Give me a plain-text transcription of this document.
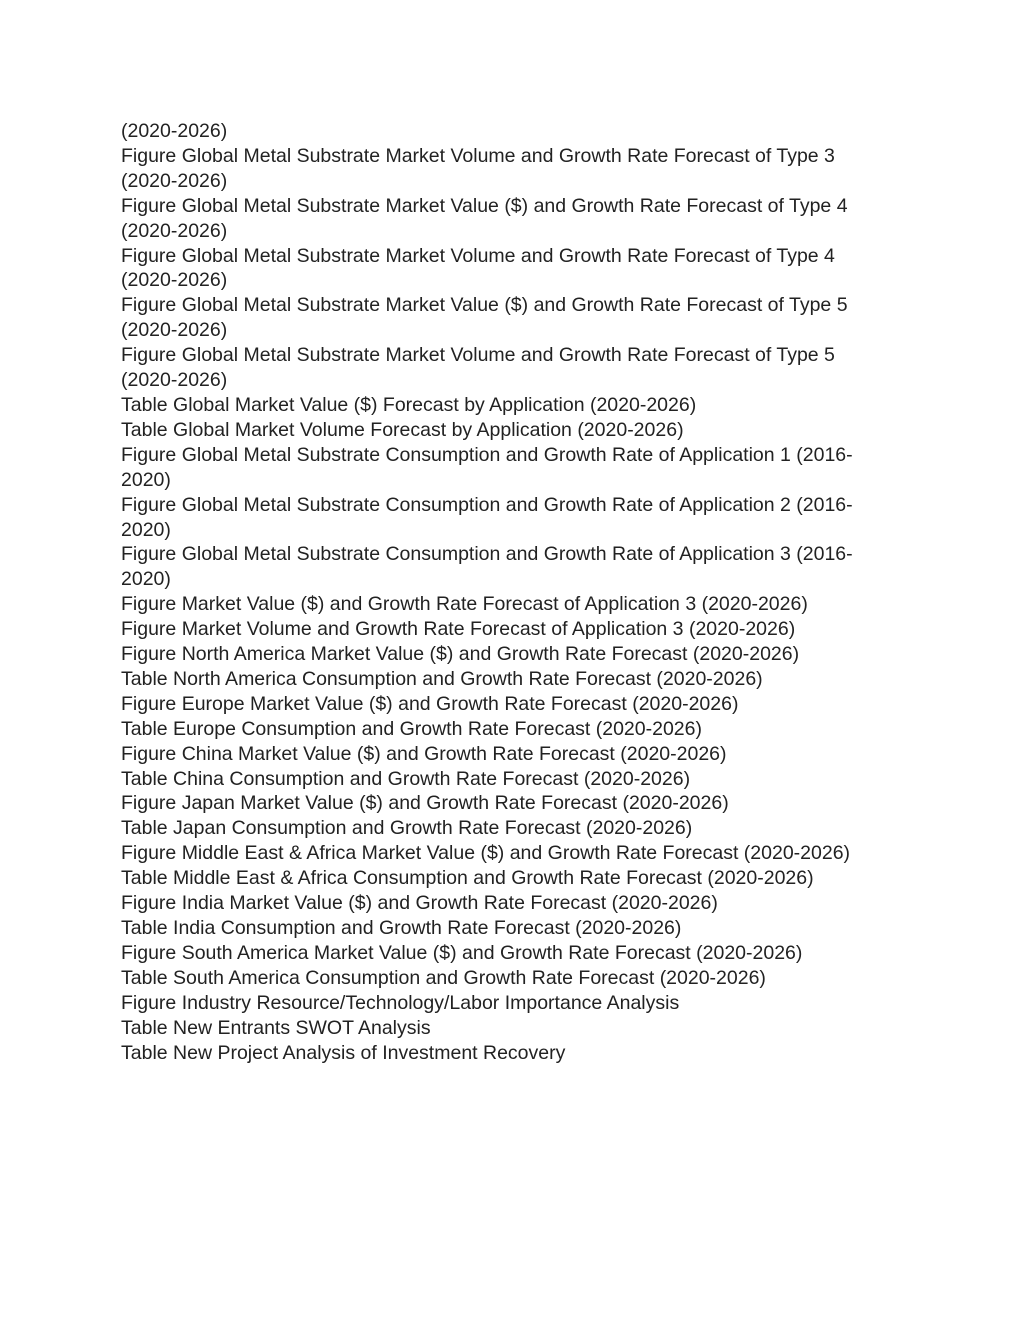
(2020-2026)
Figure Global Metal Substrate Market Volume and Growth Rate Forecast of Type 3
(2020-2026)
Figure Global Metal Substrate Market Value ($) and Growth Rate Forecast of Type 4
(2020-2026)
Figure Global Metal Substrate Market Volume and Growth Rate Forecast of Type 4
(2020-2026)
Figure Global Metal Substrate Market Value ($) and Growth Rate Forecast of Type 5
(2020-2026)
Figure Global Metal Substrate Market Volume and Growth Rate Forecast of Type 5
(2020-2026)
Table Global Market Value ($) Forecast by Application (2020-2026)
Table Global Market Volume Forecast by Application (2020-2026)
Figure Global Metal Substrate Consumption and Growth Rate of Application 1 (2016-
2020)
Figure Global Metal Substrate Consumption and Growth Rate of Application 2 (2016-
2020)
Figure Global Metal Substrate Consumption and Growth Rate of Application 3 (2016-
2020)
Figure Market Value ($) and Growth Rate Forecast of Application 3 (2020-2026)
Figure Market Volume and Growth Rate Forecast of Application 3 (2020-2026)
Figure North America Market Value ($) and Growth Rate Forecast (2020-2026)
Table North America Consumption and Growth Rate Forecast (2020-2026)
Figure Europe Market Value ($) and Growth Rate Forecast (2020-2026)
Table Europe Consumption and Growth Rate Forecast (2020-2026)
Figure China Market Value ($) and Growth Rate Forecast (2020-2026)
Table China Consumption and Growth Rate Forecast (2020-2026)
Figure Japan Market Value ($) and Growth Rate Forecast (2020-2026)
Table Japan Consumption and Growth Rate Forecast (2020-2026)
Figure Middle East & Africa Market Value ($) and Growth Rate Forecast (2020-2026)
Table Middle East & Africa Consumption and Growth Rate Forecast (2020-2026)
Figure India Market Value ($) and Growth Rate Forecast (2020-2026)
Table India Consumption and Growth Rate Forecast (2020-2026)
Figure South America Market Value ($) and Growth Rate Forecast (2020-2026)
Table South America Consumption and Growth Rate Forecast (2020-2026)
Figure Industry Resource/Technology/Labor Importance Analysis
Table New Entrants SWOT Analysis
Table New Project Analysis of Investment Recovery
